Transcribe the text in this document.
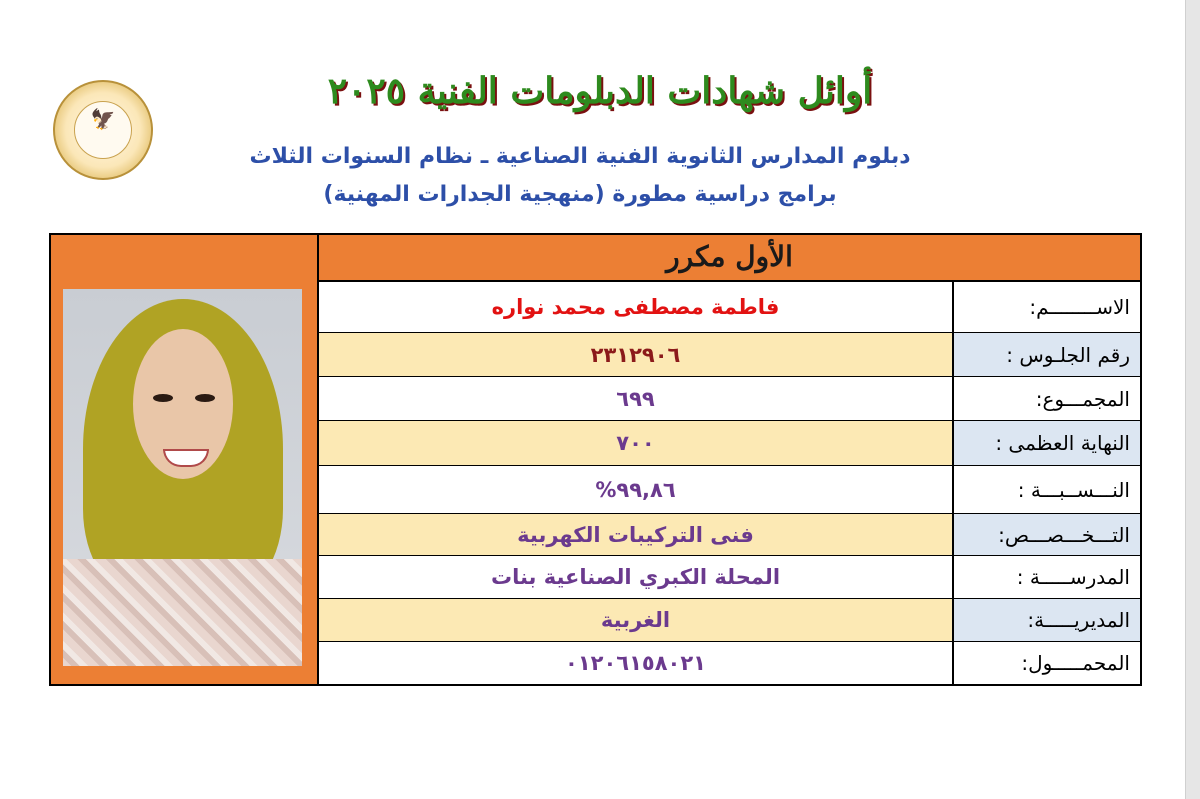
🦅
أوائل شهادات الدبلومات الفنية ٢٠٢٥
دبلوم المدارس الثانوية الفنية الصناعية ـ نظام السنوات الثلاث
برامج دراسية مطورة (منهجية الجدارات المهنية)
الأول مكرر
فاطمة مصطفى محمد نواره	الاســــــــم:
٢٣١٢٩٠٦	رقم الجلـوس :
٦٩٩	المجمـــوع:
٧٠٠	النهاية العظمى :
٩٩,٨٦%	النـــســبـــة :
فنى التركيبات الكهربية	التـــخـــصـــص:
المحلة الكبري الصناعية بنات	المدرســـــة :
الغربية	المديريـــــة:
٠١٢٠٦١٥٨٠٢١	المحمـــــول:
